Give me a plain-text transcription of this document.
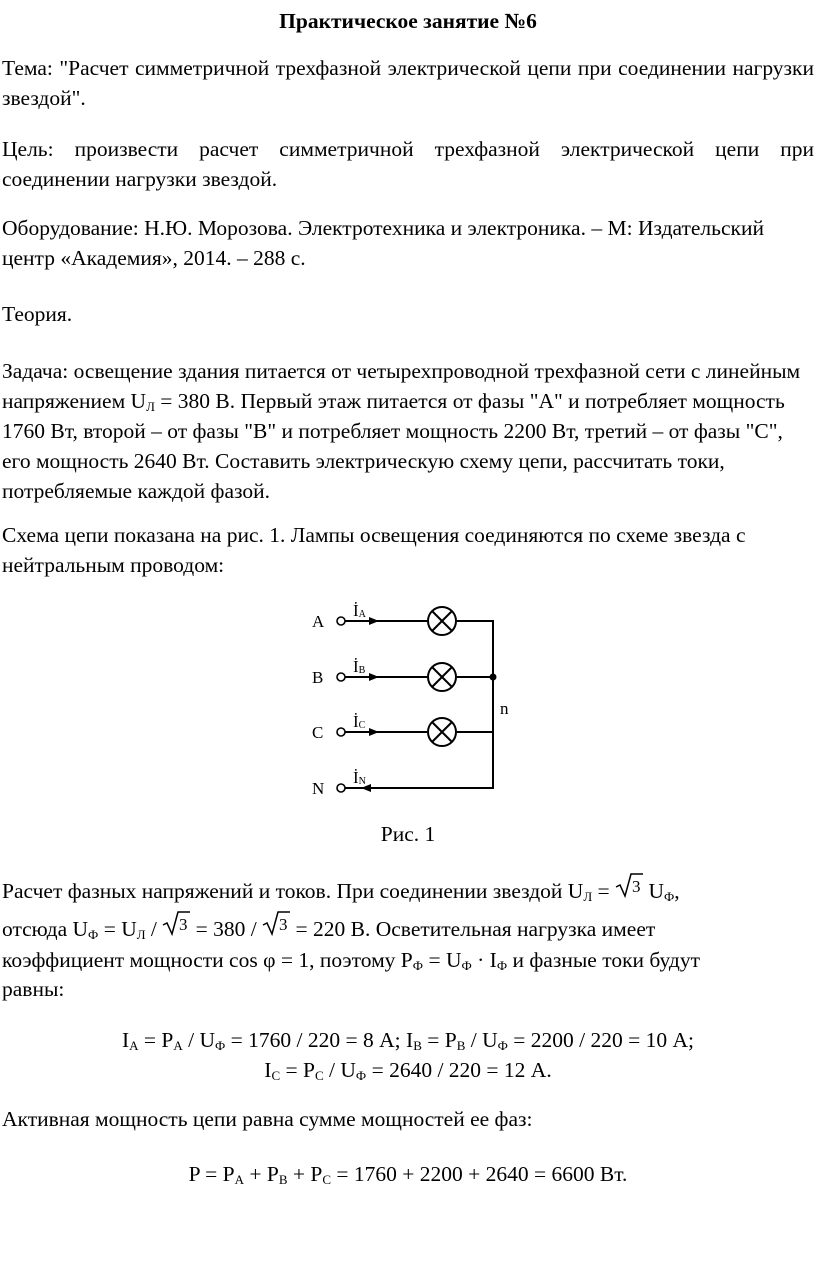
Практическое занятие №6

Тема: "Расчет симметричной трехфазной электрической цепи при соединении нагрузки звездой".

Цель: произвести расчет симметричной трехфазной электрической цепи при соединении нагрузки звездой.

Оборудование: Н.Ю. Морозова. Электротехника и электроника. – М: Издательский центр «Академия», 2014. – 288 с.

Теория.

Задача: освещение здания питается от четырехпроводной трехфазной сети с линейным напряжением $U_Л = 380$ В. Первый этаж питается от фазы "А" и потребляет мощность 1760 Вт, второй – от фазы "В" и потребляет мощность 2200 Вт, третий – от фазы "С", его мощность 2640 Вт. Составить электрическую схему цепи, рассчитать токи, потребляемые каждой фазой.

Схема цепи показана на рис. 1. Лампы освещения соединяются по схеме звезда с нейтральным проводом:

A
B
C
N
n
İA
İB
İC
İN

Рис. 1

Расчет фазных напряжений и токов. При соединении звездой $U_Л = 3$ $U_Ф$,

отсюда $U_Ф = U_Л / 3 = 380 / 3 = 220$ В. Осветительная нагрузка имеет

коэффициент мощности cos φ = 1, поэтому $Р_Ф = U_Ф \cdot I_Ф$ и фазные токи будут

равны:

$I_A = P_A / U_Ф = 1760 / 220 = 8$ А; $I_B = P_B / U_Ф = 2200 / 220 = 10$ А;

$I_C = P_C / U_Ф = 2640 / 220 = 12$ А.

Активная мощность цепи равна сумме мощностей ее фаз:

$P = P_A + P_B + P_C = 1760 + 2200 + 2640 = 6600$ Вт.
